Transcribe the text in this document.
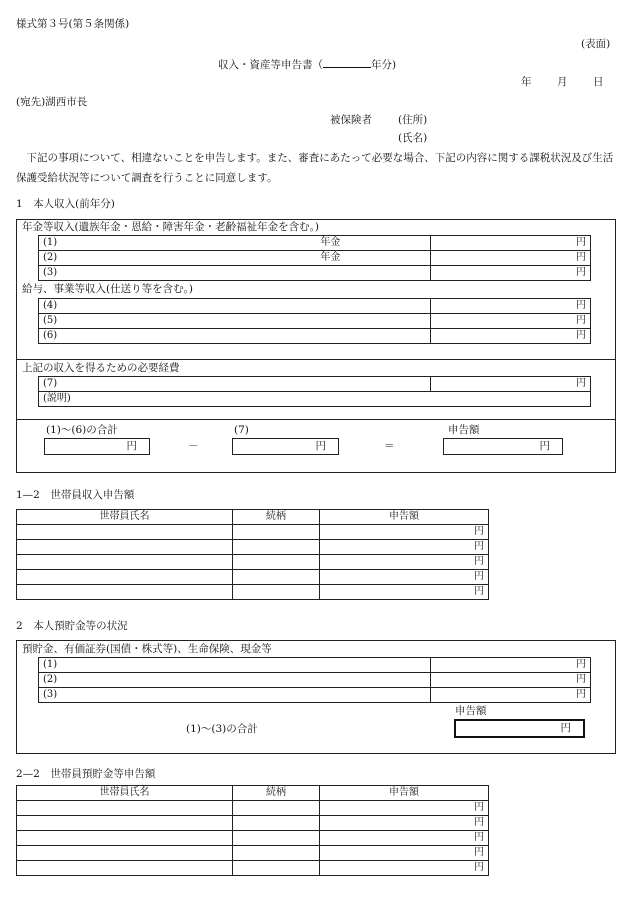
様式第３号(第５条関係)
(表面)
収入・資産等申告書（	年分)
年 月 日
(宛先)湖西市長
被保険者 (住所)
(氏名)
下記の事項について、相違ないことを申告します。また、審査にあたって必要な場合、下記の内容に関する課税状況及び生活保護受給状況等について調査を行うことに同意します。
1　本人収入(前年分)
年金等収入(遺族年金・恩給・障害年金・老齢福祉年金を含む。)
(1) 年金	円
(2) 年金	円
(3)	円
給与、事業等収入(仕送り等を含む。)
(4)	円
(5)	円
(6)	円
上記の収入を得るための必要経費
(7)	円
(説明)
(1)～(6)の合計	(7)	申告額
円	－	円	＝	円
1—2　世帯員収入申告額
世帯員氏名	続柄	申告額
		円
		円
		円
		円
		円
2　本人預貯金等の状況
預貯金、有価証券(国債・株式等)、生命保険、現金等
(1)	円
(2)	円
(3)	円
申告額
(1)～(3)の合計	円
2—2　世帯員預貯金等申告額
世帯員氏名	続柄	申告額
		円
		円
		円
		円
		円
